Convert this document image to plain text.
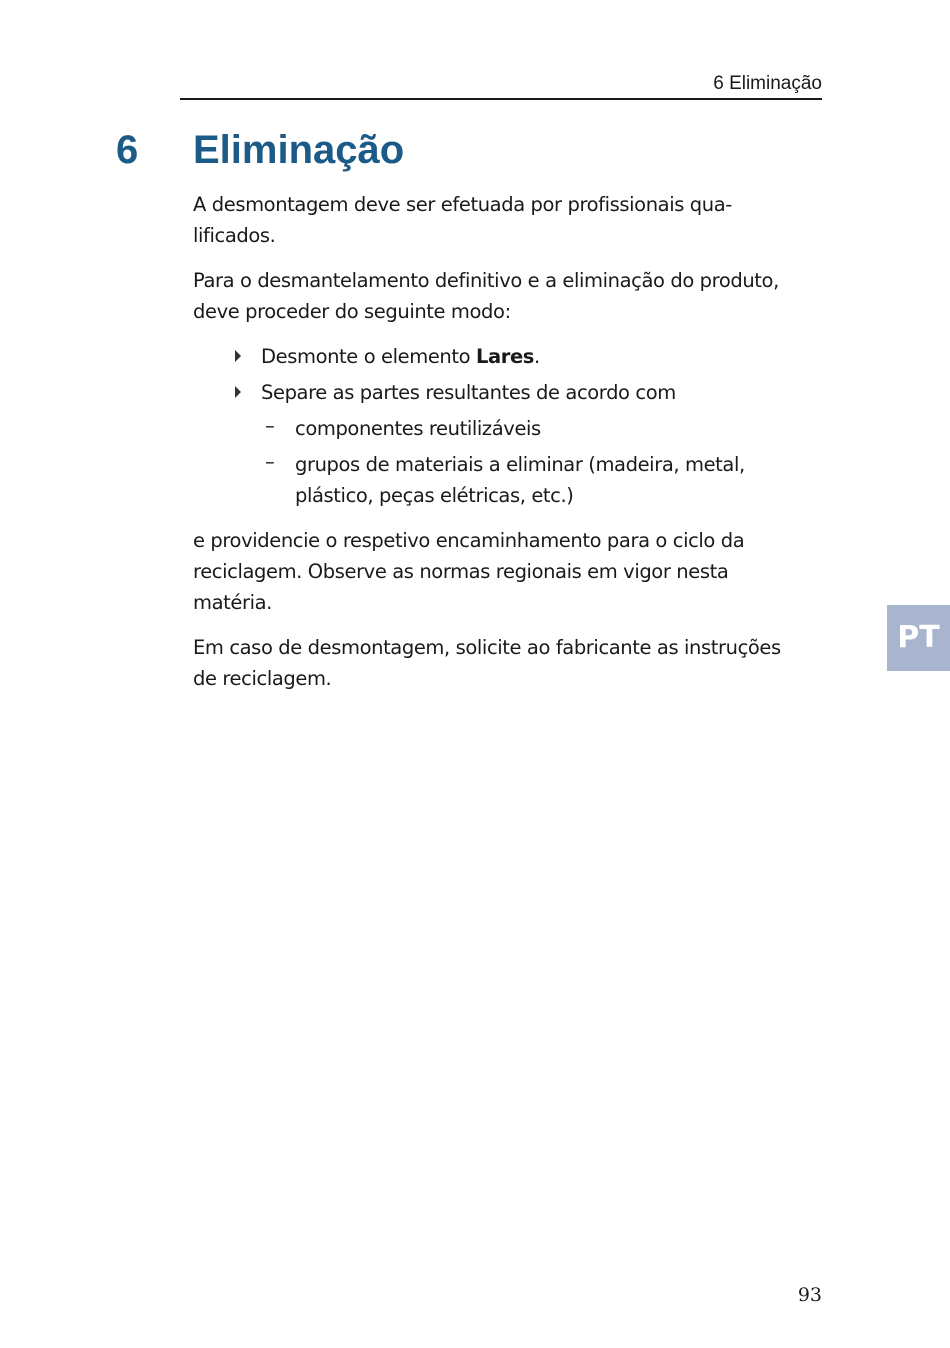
6 Eliminação
6 Eliminação

A desmontagem deve ser efetuada por profissionais qua-
lificados.

Para o desmantelamento definitivo e a eliminação do produto, deve proceder do seguinte modo:

Desmonte o elemento Lares.
Separe as partes resultantes de acordo com
– componentes reutilizáveis
– grupos de materiais a eliminar (madeira, metal, plástico, peças elétricas, etc.)

e providencie o respetivo encaminhamento para o ciclo da reciclagem. Observe as normas regionais em vigor nesta matéria.

Em caso de desmontagem, solicite ao fabricante as instruções de reciclagem.

PT
93
